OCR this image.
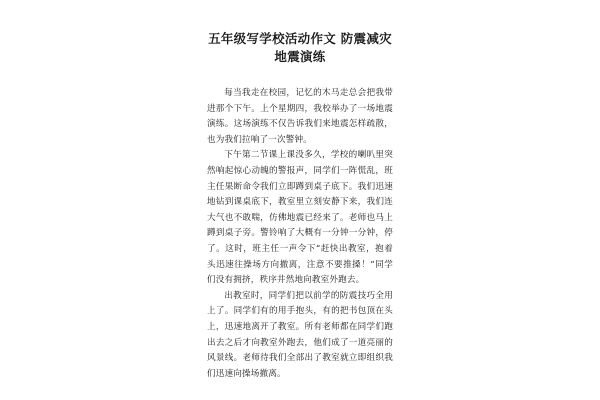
五年级写学校活动作文 防震减灾 地震演练

每当我走在校园，记忆的木马走总会把我带进那个下午。上个星期四，我校举办了一场地震演练。这场演练不仅告诉我们来地震怎样疏散，也为我们拉响了一次警钟。

下午第二节课上课没多久，学校的喇叭里突然响起惊心动魄的警报声，同学们一阵慌乱，班主任果断命令我们立即蹲到桌子底下。我们迅速地钻到课桌底下，教室里立刻安静下来，我们连大气也不敢喘，仿佛地震已经来了。老师也马上蹲到桌子旁。警铃响了大概有一分钟一分钟，停了。这时，班主任一声令下“赶快出教室，抱着头迅速往操场方向撤离，注意不要推搡！”同学们没有拥挤，秩序井然地向教室外跑去。

出教室时，同学们把以前学的防震技巧全用上了。同学们有的用手抱头，有的把书包顶在头上，迅速地离开了教室。所有老师都在同学们跑出去之后才向教室外跑去，他们成了一道亮丽的风景线。老师待我们全部出了教室就立即组织我们迅速向操场撤离。
